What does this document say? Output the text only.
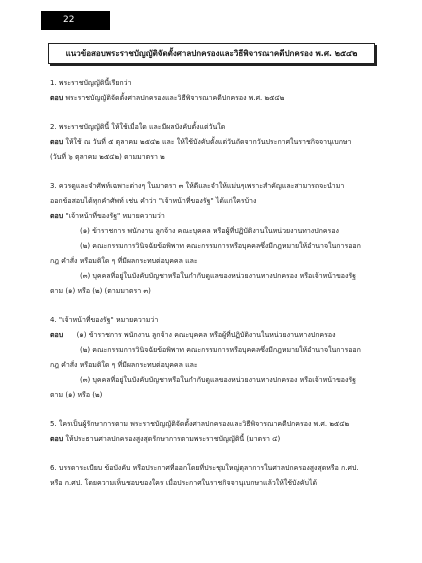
22
แนวข้อสอบพระราชบัญญัติจัดตั้งศาลปกครองและวิธีพิจารณาคดีปกครอง พ.ศ. ๒๕๔๒
1. พระราชบัญญัตินี้เรียกว่า
ตอบ พระราชบัญญัติจัดตั้งศาลปกครองและวิธีพิจารณาคดีปกครอง พ.ศ. ๒๕๔๒
2. พระราชบัญญัตินี้ ให้ใช้เมื่อใด และมีผลบังคับตั้งแต่วันใด
ตอบ ให้ใช้ ณ วันที่ ๕ ตุลาคม ๒๕๔๒ และ ให้ใช้บังคับตั้งแต่วันถัดจากวันประกาศในราชกิจจานุเบกษา
(วันที่ ๖ ตุลาคม ๒๕๔๒) ตามมาตรา ๒
3. ควรดูและจำศัพท์เฉพาะต่างๆ ในมาตรา ๓ ให้ดีและจำให้แม่นๆเพราะสำคัญและสามารถจะนำมา
ออกข้อสอบได้ทุกคำศัพท์ เช่น คำว่า "เจ้าหน้าที่ของรัฐ" ได้แก่ใครบ้าง
ตอบ "เจ้าหน้าที่ของรัฐ" หมายความว่า
(๑) ข้าราชการ พนักงาน ลูกจ้าง คณะบุคคล หรือผู้ที่ปฏิบัติงานในหน่วยงานทางปกครอง
(๒) คณะกรรมการวินิจฉัยข้อพิพาท คณะกรรมการหรือบุคคลซึ่งมีกฎหมายให้อำนาจในการออก
กฎ คำสั่ง หรือมติใด ๆ ที่มีผลกระทบต่อบุคคล และ
(๓) บุคคลที่อยู่ในบังคับบัญชาหรือในกำกับดูแลของหน่วยงานทางปกครอง หรือเจ้าหน้าของรัฐ
ตาม (๑) หรือ (๒) (ตามมาตรา ๓)
4. "เจ้าหน้าที่ของรัฐ" หมายความว่า
ตอบ (๑) ข้าราชการ พนักงาน ลูกจ้าง คณะบุคคล หรือผู้ที่ปฏิบัติงานในหน่วยงานทางปกครอง
(๒) คณะกรรมการวินิจฉัยข้อพิพาท คณะกรรมการหรือบุคคลซึ่งมีกฎหมายให้อำนาจในการออก
กฎ คำสั่ง หรือมติใด ๆ ที่มีผลกระทบต่อบุคคล และ
(๓) บุคคลที่อยู่ในบังคับบัญชาหรือในกำกับดูแลของหน่วยงานทางปกครอง หรือเจ้าหน้าของรัฐ
ตาม (๑) หรือ (๒)
5. ใครเป็นผู้รักษาการตาม พระราชบัญญัติจัดตั้งศาลปกครองและวิธีพิจารณาคดีปกครอง พ.ศ. ๒๕๔๒
ตอบ ให้ประธานศาลปกครองสูงสุดรักษาการตามพระราชบัญญัตินี้ (มาตรา ๔)
6. บรรดาระเบียบ ข้อบังคับ หรือประกาศที่ออกโดยที่ประชุมใหญ่ตุลาการในศาลปกครองสูงสุดหรือ ก.ศป.
หรือ ก.ศป. โดยความเห็นชอบของใคร เมื่อประกาศในราชกิจจานุเบกษาแล้วให้ใช้บังคับได้
